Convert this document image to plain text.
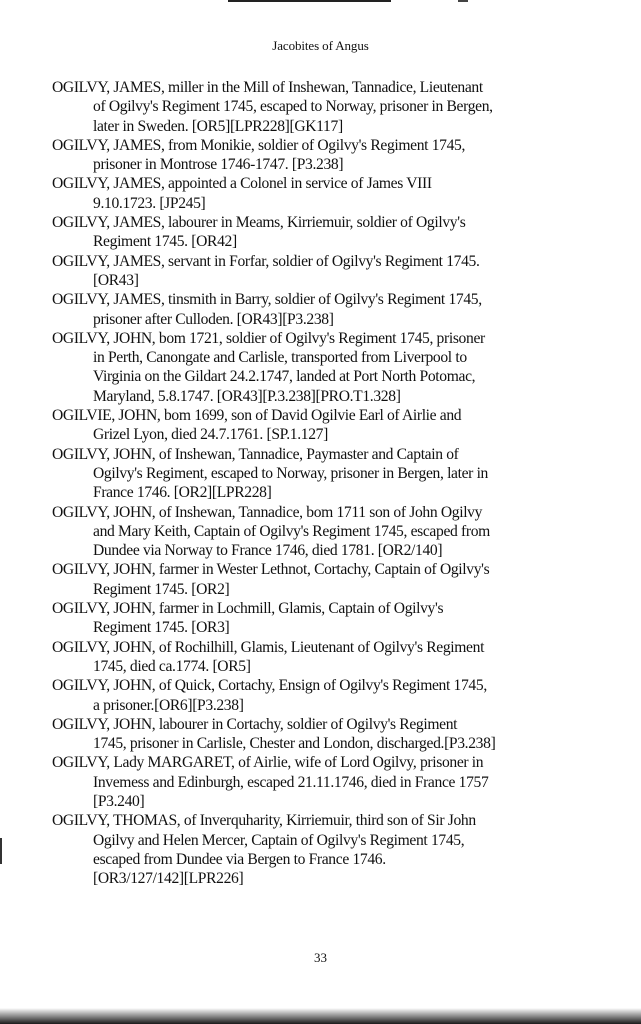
Jacobites of Angus
OGILVY, JAMES, miller in the Mill of Inshewan, Tannadice, Lieutenant
of Ogilvy's Regiment 1745, escaped to Norway, prisoner in Bergen,
later in Sweden. [OR5][LPR228][GK117]
OGILVY, JAMES, from Monikie, soldier of Ogilvy's Regiment 1745,
prisoner in Montrose 1746-1747. [P3.238]
OGILVY, JAMES, appointed a Colonel in service of James VIII
9.10.1723. [JP245]
OGILVY, JAMES, labourer in Meams, Kirriemuir, soldier of Ogilvy's
Regiment 1745. [OR42]
OGILVY, JAMES, servant in Forfar, soldier of Ogilvy's Regiment 1745.
[OR43]
OGILVY, JAMES, tinsmith in Barry, soldier of Ogilvy's Regiment 1745,
prisoner after Culloden. [OR43][P3.238]
OGILVY, JOHN, bom 1721, soldier of Ogilvy's Regiment 1745, prisoner
in Perth, Canongate and Carlisle, transported from Liverpool to
Virginia on the Gildart 24.2.1747, landed at Port North Potomac,
Maryland, 5.8.1747. [OR43][P.3.238][PRO.T1.328]
OGILVIE, JOHN, bom 1699, son of David Ogilvie Earl of Airlie and
Grizel Lyon, died 24.7.1761. [SP.1.127]
OGILVY, JOHN, of Inshewan, Tannadice, Paymaster and Captain of
Ogilvy's Regiment, escaped to Norway, prisoner in Bergen, later in
France 1746. [OR2][LPR228]
OGILVY, JOHN, of Inshewan, Tannadice, bom 1711 son of John Ogilvy
and Mary Keith, Captain of Ogilvy's Regiment 1745, escaped from
Dundee via Norway to France 1746, died 1781. [OR2/140]
OGILVY, JOHN, farmer in Wester Lethnot, Cortachy, Captain of Ogilvy's
Regiment 1745. [OR2]
OGILVY, JOHN, farmer in Lochmill, Glamis, Captain of Ogilvy's
Regiment 1745. [OR3]
OGILVY, JOHN, of Rochilhill, Glamis, Lieutenant of Ogilvy's Regiment
1745, died ca.1774. [OR5]
OGILVY, JOHN, of Quick, Cortachy, Ensign of Ogilvy's Regiment 1745,
a prisoner.[OR6][P3.238]
OGILVY, JOHN, labourer in Cortachy, soldier of Ogilvy's Regiment
1745, prisoner in Carlisle, Chester and London, discharged.[P3.238]
OGILVY, Lady MARGARET, of Airlie, wife of Lord Ogilvy, prisoner in
Invemess and Edinburgh, escaped 21.11.1746, died in France 1757
[P3.240]
OGILVY, THOMAS, of Inverquharity, Kirriemuir, third son of Sir John
Ogilvy and Helen Mercer, Captain of Ogilvy's Regiment 1745,
escaped from Dundee via Bergen to France 1746.
[OR3/127/142][LPR226]
33
